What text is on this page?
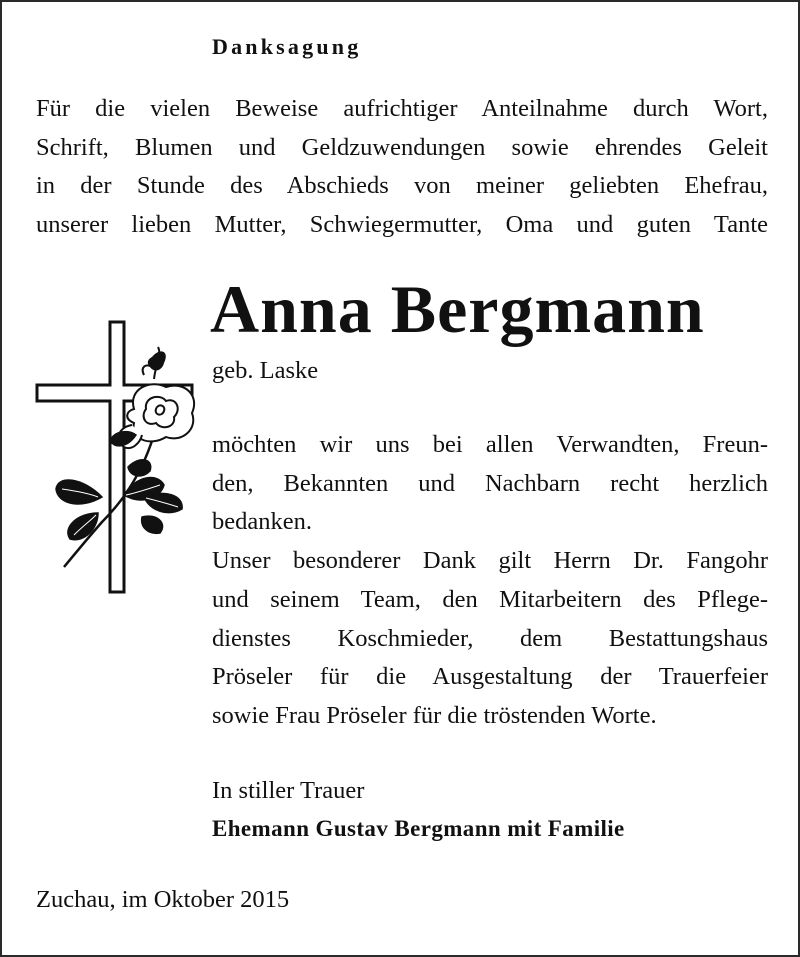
Danksagung
Für die vielen Beweise aufrichtiger Anteilnahme durch Wort,
Schrift, Blumen und Geldzuwendungen sowie ehrendes Geleit
in der Stunde des Abschieds von meiner geliebten Ehefrau,
unserer lieben Mutter, Schwiegermutter, Oma und guten Tante
Anna Bergmann
geb. Laske
möchten wir uns bei allen Verwandten, Freun-
den, Bekannten und Nachbarn recht herzlich
bedanken.
Unser besonderer Dank gilt Herrn Dr. Fangohr
und seinem Team, den Mitarbeitern des Pflege-
dienstes Koschmieder, dem Bestattungshaus
Pröseler für die Ausgestaltung der Trauerfeier
sowie Frau Pröseler für die tröstenden Worte.
In stiller Trauer
Ehemann Gustav Bergmann mit Familie
Zuchau, im Oktober 2015
